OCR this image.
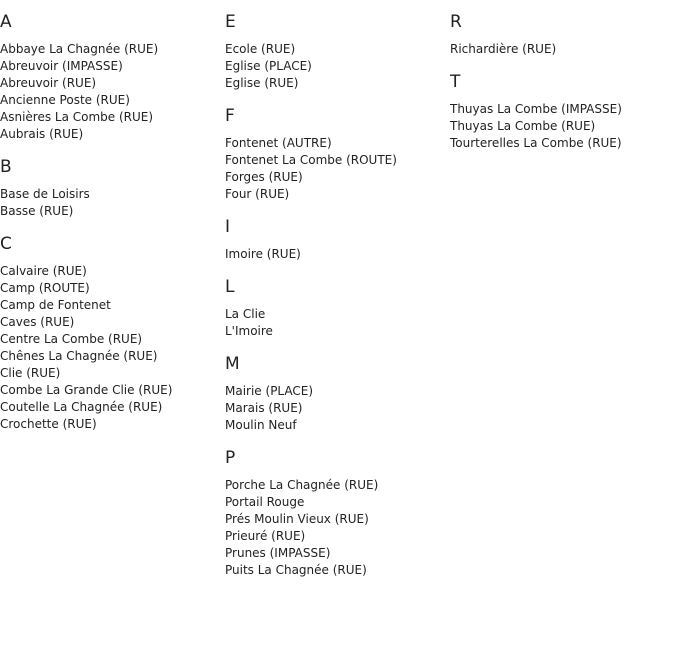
A
Abbaye La Chagnée (RUE)
Abreuvoir (IMPASSE)
Abreuvoir (RUE)
Ancienne Poste (RUE)
Asnières La Combe (RUE)
Aubrais (RUE)
B
Base de Loisirs
Basse (RUE)
C
Calvaire (RUE)
Camp (ROUTE)
Camp de Fontenet
Caves (RUE)
Centre La Combe (RUE)
Chênes La Chagnée (RUE)
Clie (RUE)
Combe La Grande Clie (RUE)
Coutelle La Chagnée (RUE)
Crochette (RUE)
E
Ecole (RUE)
Eglise (PLACE)
Eglise (RUE)
F
Fontenet (AUTRE)
Fontenet La Combe (ROUTE)
Forges (RUE)
Four (RUE)
I
Imoire (RUE)
L
La Clie
L'Imoire
M
Mairie (PLACE)
Marais (RUE)
Moulin Neuf
P
Porche La Chagnée (RUE)
Portail Rouge
Prés Moulin Vieux (RUE)
Prieuré (RUE)
Prunes (IMPASSE)
Puits La Chagnée (RUE)
R
Richardière (RUE)
T
Thuyas La Combe (IMPASSE)
Thuyas La Combe (RUE)
Tourterelles La Combe (RUE)
